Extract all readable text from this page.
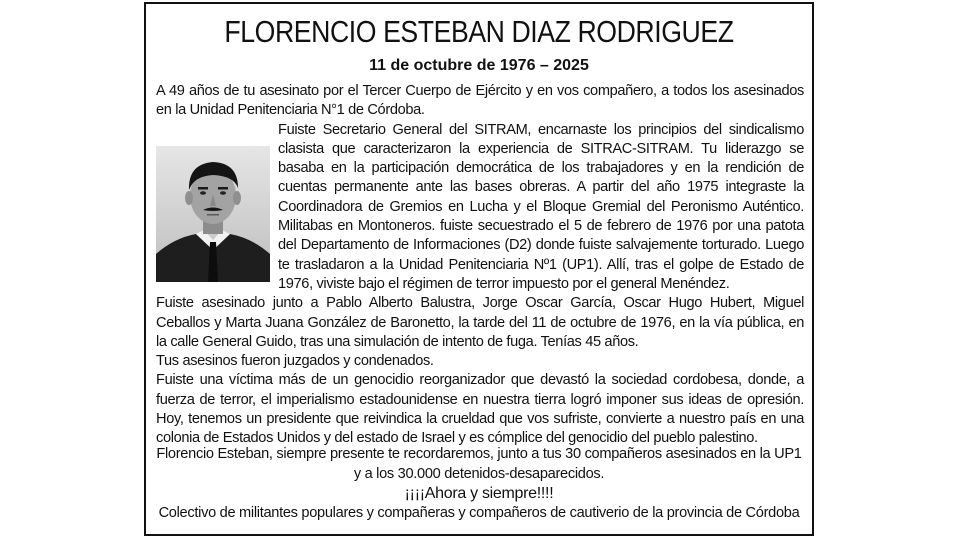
FLORENCIO ESTEBAN DIAZ RODRIGUEZ
11 de octubre de 1976 – 2025

A 49 años de tu asesinato por el Tercer Cuerpo de Ejército y en vos compañero, a todos los asesinados en la Unidad Penitenciaria N°1 de Córdoba.

Fuiste Secretario General del SITRAM, encarnaste los principios del sindicalismo clasista que caracterizaron la experiencia de SITRAC-SITRAM. Tu liderazgo se basaba en la participación democrática de los trabajadores y en la rendición de cuentas permanente ante las bases obreras. A partir del año 1975 integraste la Coordinadora de Gremios en Lucha y el Bloque Gremial del Peronismo Auténtico. Militabas en Montoneros. fuiste secuestrado el 5 de febrero de 1976 por una patota del Departamento de Informaciones (D2) donde fuiste salvajemente torturado. Luego te trasladaron a la Unidad Penitenciaria Nº1 (UP1). Allí, tras el golpe de Estado de 1976, viviste bajo el régimen de terror impuesto por el general Menéndez.

Fuiste asesinado junto a Pablo Alberto Balustra, Jorge Oscar García, Oscar Hugo Hubert, Miguel Ceballos y Marta Juana González de Baronetto, la tarde del 11 de octubre de 1976, en la vía pública, en la calle General Guido, tras una simulación de intento de fuga. Tenías 45 años.

Tus asesinos fueron juzgados y condenados.

Fuiste una víctima más de un genocidio reorganizador que devastó la sociedad cordobesa, donde, a fuerza de terror, el imperialismo estadounidense en nuestra tierra logró imponer sus ideas de opresión. Hoy, tenemos un presidente que reivindica la crueldad que vos sufriste, convierte a nuestro país en una colonia de Estados Unidos y del estado de Israel y es cómplice del genocidio del pueblo palestino.

Florencio Esteban, siempre presente te recordaremos, junto a tus 30 compañeros asesinados en la UP1
y a los 30.000 detenidos-desaparecidos.
¡¡¡¡Ahora y siempre!!!!
Colectivo de militantes populares y compañeras y compañeros de cautiverio de la provincia de Córdoba
